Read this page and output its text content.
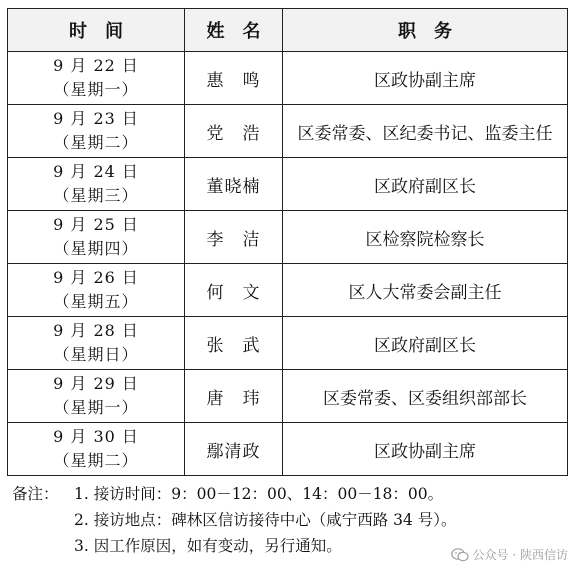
时　间	姓　名	职　务

9 月 22 日
（星期一）	惠　鸣	区政协副主席

9 月 23 日
（星期二）	党　浩	区委常委、区纪委书记、监委主任

9 月 24 日
（星期三）	董晓楠	区政府副区长

9 月 25 日
（星期四）	李　洁	区检察院检察长

9 月 26 日
（星期五）	何　文	区人大常委会副主任

9 月 28 日
（星期日）	张　武	区政府副区长

9 月 29 日
（星期一）	唐　玮	区委常委、区委组织部部长

9 月 30 日
（星期二）	鄢清政	区政协副主席
备注： 1. 接访时间：9：00－12：00、14：00－18：00。
2. 接访地点：碑林区信访接待中心（咸宁西路 34 号）。
3. 因工作原因，如有变动，另行通知。	公众号 · 陕西信访
